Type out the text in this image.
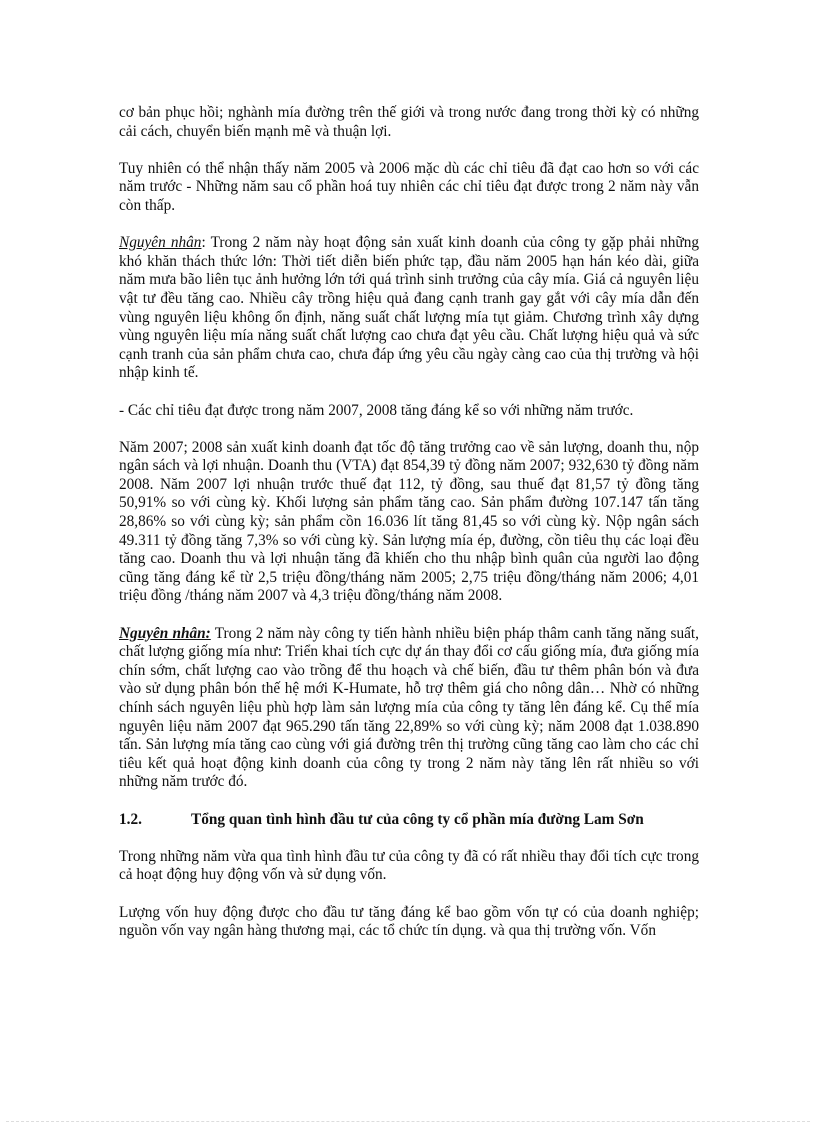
cơ bản phục hồi; nghành mía đường trên thế giới và trong nước đang trong thời kỳ có những cải cách, chuyển biến mạnh mẽ và thuận lợi.

Tuy nhiên có thể nhận thấy năm 2005 và 2006 mặc dù các chỉ tiêu đã đạt cao hơn so với các năm trước - Những năm sau cổ phần hoá tuy nhiên các chỉ tiêu đạt được trong 2 năm này vẫn còn thấp.

Nguyên nhân: Trong 2 năm này hoạt động sản xuất kinh doanh của công ty gặp phải những khó khăn thách thức lớn: Thời tiết diễn biến phức tạp, đầu năm 2005 hạn hán kéo dài, giữa năm mưa bão liên tục ảnh hưởng lớn tới quá trình sinh trưởng của cây mía. Giá cả nguyên liệu vật tư đều tăng cao. Nhiều cây trồng hiệu quả đang cạnh tranh gay gắt với cây mía dẫn đến vùng nguyên liệu không ổn định, năng suất chất lượng mía tụt giảm. Chương trình xây dựng vùng nguyên liệu mía năng suất chất lượng cao chưa đạt yêu cầu. Chất lượng hiệu quả và sức cạnh tranh của sản phẩm chưa cao, chưa đáp ứng yêu cầu ngày càng cao của thị trường và hội nhập kinh tế.

- Các chỉ tiêu đạt được trong năm 2007, 2008 tăng đáng kể so với những năm trước.

Năm 2007; 2008 sản xuất kinh doanh đạt tốc độ tăng trưởng cao về sản lượng, doanh thu, nộp ngân sách và lợi nhuận. Doanh thu (VTA) đạt 854,39 tỷ đồng năm 2007; 932,630 tỷ đồng năm 2008. Năm 2007 lợi nhuận trước thuế đạt 112, tỷ đồng, sau thuế đạt 81,57 tỷ đồng tăng 50,91% so với cùng kỳ. Khối lượng sản phẩm tăng cao. Sản phẩm đường 107.147 tấn tăng 28,86% so với cùng kỳ; sản phẩm cồn 16.036 lít tăng 81,45 so với cùng kỳ. Nộp ngân sách 49.311 tỷ đồng tăng 7,3% so với cùng kỳ. Sản lượng mía ép, đường, cồn tiêu thụ các loại đều tăng cao. Doanh thu và lợi nhuận tăng đã khiến cho thu nhập bình quân của người lao động cũng tăng đáng kể từ 2,5 triệu đồng/tháng năm 2005; 2,75 triệu đồng/tháng năm 2006; 4,01 triệu đồng /tháng năm 2007 và 4,3 triệu đồng/tháng năm 2008.

Nguyên nhân: Trong 2 năm này công ty tiến hành nhiều biện pháp thâm canh tăng năng suất, chất lượng giống mía như: Triển khai tích cực dự án thay đổi cơ cấu giống mía, đưa giống mía chín sớm, chất lượng cao vào trồng để thu hoạch và chế biến, đầu tư thêm phân bón và đưa vào sử dụng phân bón thế hệ mới K-Humate, hỗ trợ thêm giá cho nông dân… Nhờ có những chính sách nguyên liệu phù hợp làm sản lượng mía của công ty tăng lên đáng kể. Cụ thể mía nguyên liệu năm 2007 đạt 965.290 tấn tăng 22,89% so với cùng kỳ; năm 2008 đạt 1.038.890 tấn. Sản lượng mía tăng cao cùng với giá đường trên thị trường cũng tăng cao làm cho các chỉ tiêu kết quả hoạt động kinh doanh của công ty trong 2 năm này tăng lên rất nhiều so với những năm trước đó.

1.2.	Tổng quan tình hình đầu tư của công ty cổ phần mía đường Lam Sơn

Trong những năm vừa qua tình hình đầu tư của công ty đã có rất nhiều thay đổi tích cực trong cả hoạt động huy động vốn và sử dụng vốn.

Lượng vốn huy động được cho đầu tư tăng đáng kể bao gồm vốn tự có của doanh nghiệp; nguồn vốn vay ngân hàng thương mại, các tổ chức tín dụng. và qua thị trường vốn. Vốn
